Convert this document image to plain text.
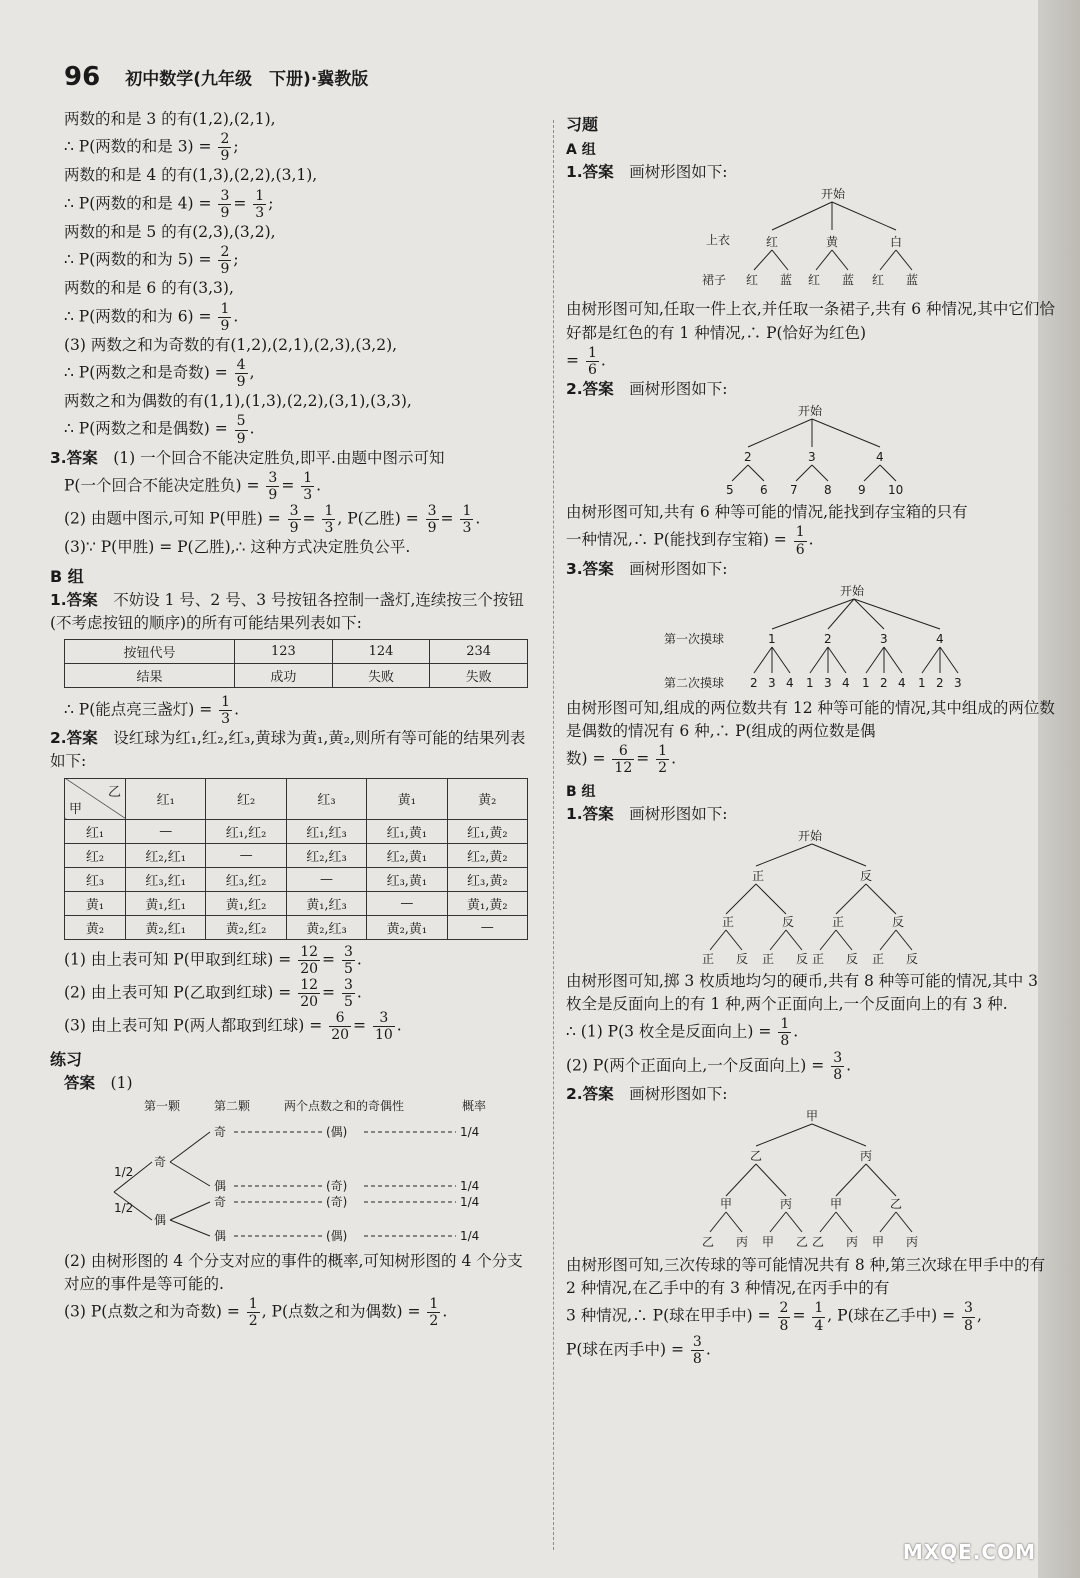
96 初中数学(九年级　下册)·冀教版

两数的和是 3 的有(1,2),(2,1),

∴ P(两数的和是 $3) = \frac{2}{9}$ ;

两数的和是 4 的有(1,3),(2,2),(3,1),

∴ P(两数的和是 $4) = \frac{3}{9} = \frac{1}{3}$ ;

两数的和是 5 的有(2,3),(3,2),

∴ P(两数的和为 $5) = \frac{2}{9}$ ;

两数的和是 6 的有(3,3),

∴ P(两数的和为 $6) = \frac{1}{9}$ .

(3) 两数之和为奇数的有(1,2),(2,1),(2,3),(3,2),

∴ P(两数之和是奇数) = $\frac{4}{9}$ ,

两数之和为偶数的有(1,1),(1,3),(2,2),(3,1),(3,3),

∴ P(两数之和是偶数) = $\frac{5}{9}$ .

3.答案　 (1) 一个回合不能决定胜负,即平.由题中图示可知

P(一个回合不能决定胜负) = $\frac{3}{9} = \frac{1}{3}$ .

(2) 由题中图示,可知 P(甲胜) = $\frac{3}{9} = \frac{1}{3}$ , P(乙胜) = $\frac{3}{9} = \frac{1}{3}$ .

(3)∵ P(甲胜) = P(乙胜),∴ 这种方式决定胜负公平.

B 组

1.答案　 不妨设 1 号、2 号、3 号按钮各控制一盏灯,连续按三个按钮(不考虑按钮的顺序)的所有可能结果列表如下:

按钮代号	123	124	234
结果	成功	失败	失败

∴ P(能点亮三盏灯) = $\frac{1}{3}$ .

2.答案　 设红球为红₁,红₂,红₃,黄球为黄₁,黄₂,则所有等可能的结果列表如下:

乙
甲	红₁	红₂	红₃	黄₁	黄₂
红₁	—	红₁,红₂	红₁,红₃	红₁,黄₁	红₁,黄₂
红₂	红₂,红₁	—	红₂,红₃	红₂,黄₁	红₂,黄₂
红₃	红₃,红₁	红₃,红₂	—	红₃,黄₁	红₃,黄₂
黄₁	黄₁,红₁	黄₁,红₂	黄₁,红₃	—	黄₁,黄₂
黄₂	黄₂,红₁	黄₂,红₂	黄₂,红₃	黄₂,黄₁	—

(1) 由上表可知 P(甲取到红球) = $\frac{12}{20} = \frac{3}{5}$ .

(2) 由上表可知 P(乙取到红球) = $\frac{12}{20} = \frac{3}{5}$ .

(3) 由上表可知 P(两人都取到红球) = $\frac{6}{20} = \frac{3}{10}$ .

练习

答案　 (1)

第一颗	第二颗	两个点数之和的奇偶性	概率
1/2
1/2
奇
偶
奇
偶
奇
偶
(偶)
(奇)
(奇)
(偶)
1/4
1/4
1/4
1/4

(2) 由树形图的 4 个分支对应的事件的概率,可知树形图的 4 个分支对应的事件是等可能的.

(3) P(点数之和为奇数) = $\frac{1}{2}$ , P(点数之和为偶数) = $\frac{1}{2}$ .

习题

A 组

1.答案　 画树形图如下:

开始
上衣	红	黄	白
裙子 红 蓝 红 蓝 红 蓝

由树形图可知,任取一件上衣,并任取一条裙子,共有 6 种情况,其中它们恰好都是红色的有 1 种情况,∴ P(恰好为红色)

= $\frac{1}{6}$ .

2.答案　 画树形图如下:

开始
2	3	4
5 6 7 8 9 10

由树形图可知,共有 6 种等可能的情况,能找到存宝箱的只有

一种情况,∴ P(能找到存宝箱) = $\frac{1}{6}$ .

3.答案　 画树形图如下:

开始
第一次摸球	1	2	3	4
第二次摸球 2 3 4 1 3 4 1 2 4 1 2 3

由树形图可知,组成的两位数共有 12 种等可能的情况,其中组成的两位数是偶数的情况有 6 种,∴ P(组成的两位数是偶

数) = $\frac{6}{12} = \frac{1}{2}$ .

B 组

1.答案　 画树形图如下:

开始
正	反
正	反	正	反
正 反 正 反 正 反 正 反

由树形图可知,掷 3 枚质地均匀的硬币,共有 8 种等可能的情况,其中 3 枚全是反面向上的有 1 种,两个正面向上,一个反面向上的有 3 种.

∴ (1) P(3 枚全是反面向上) = $\frac{1}{8}$ .

(2) P(两个正面向上,一个反面向上) = $\frac{3}{8}$ .

2.答案　 画树形图如下:

甲
乙	丙
甲	丙	甲	乙
乙 丙 甲 乙 乙 丙 甲 丙

由树形图可知,三次传球的等可能情况共有 8 种,第三次球在甲手中的有 2 种情况,在乙手中的有 3 种情况,在丙手中的有

3 种情况,∴ P(球在甲手中) = $\frac{2}{8} = \frac{1}{4}$ , P(球在乙手中) = $\frac{3}{8}$ ,

P(球在丙手中) = $\frac{3}{8}$ .

MXQE.COM
